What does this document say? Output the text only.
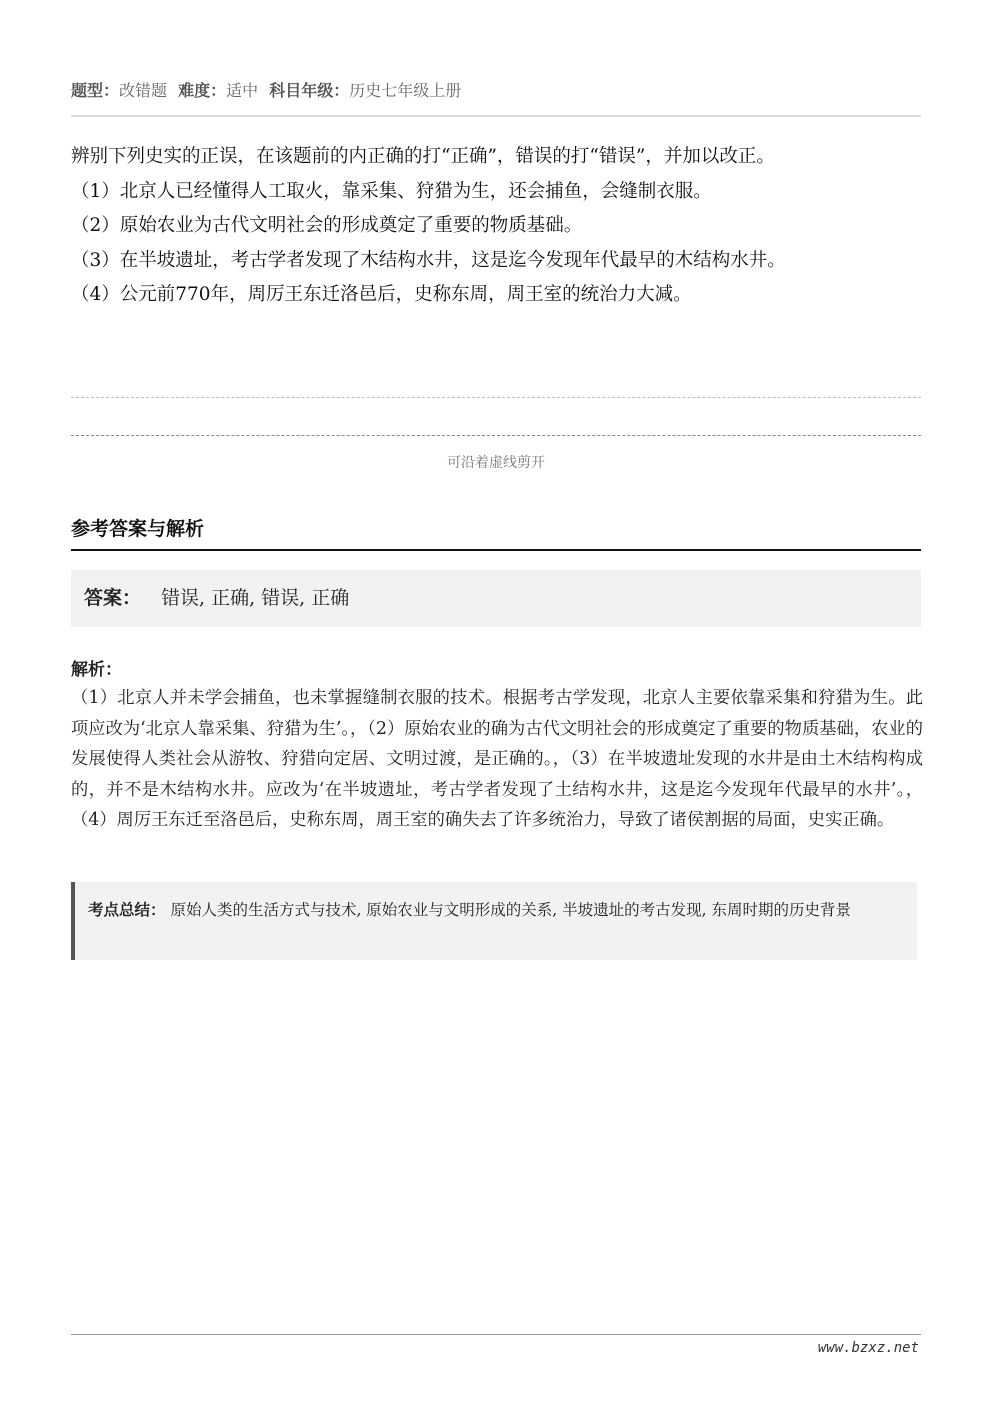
题型：改错题 难度：适中 科目年级：历史七年级上册
辨别下列史实的正误，在该题前的内正确的打“正确”，错误的打“错误”，并加以改正。
（1）北京人已经懂得人工取火，靠采集、狩猎为生，还会捕鱼，会缝制衣服。
（2）原始农业为古代文明社会的形成奠定了重要的物质基础。
（3）在半坡遗址，考古学者发现了木结构水井，这是迄今发现年代最早的木结构水井。
（4）公元前770年，周厉王东迁洛邑后，史称东周，周王室的统治力大减。
可沿着虚线剪开
参考答案与解析
答案： 错误, 正确, 错误, 正确
解析：
（1）北京人并未学会捕鱼，也未掌握缝制衣服的技术。根据考古学发现，北京人主要依靠采集和狩猎为生。此项应改为‘北京人靠采集、狩猎为生’。，（2）原始农业的确为古代文明社会的形成奠定了重要的物质基础，农业的发展使得人类社会从游牧、狩猎向定居、文明过渡，是正确的。，（3）在半坡遗址发现的水井是由土木结构构成的，并不是木结构水井。应改为‘在半坡遗址，考古学者发现了土结构水井，这是迄今发现年代最早的水井’。，（4）周厉王东迁至洛邑后，史称东周，周王室的确失去了许多统治力，导致了诸侯割据的局面，史实正确。
考点总结： 原始人类的生活方式与技术, 原始农业与文明形成的关系, 半坡遗址的考古发现, 东周时期的历史背景
www.bzxz.net
